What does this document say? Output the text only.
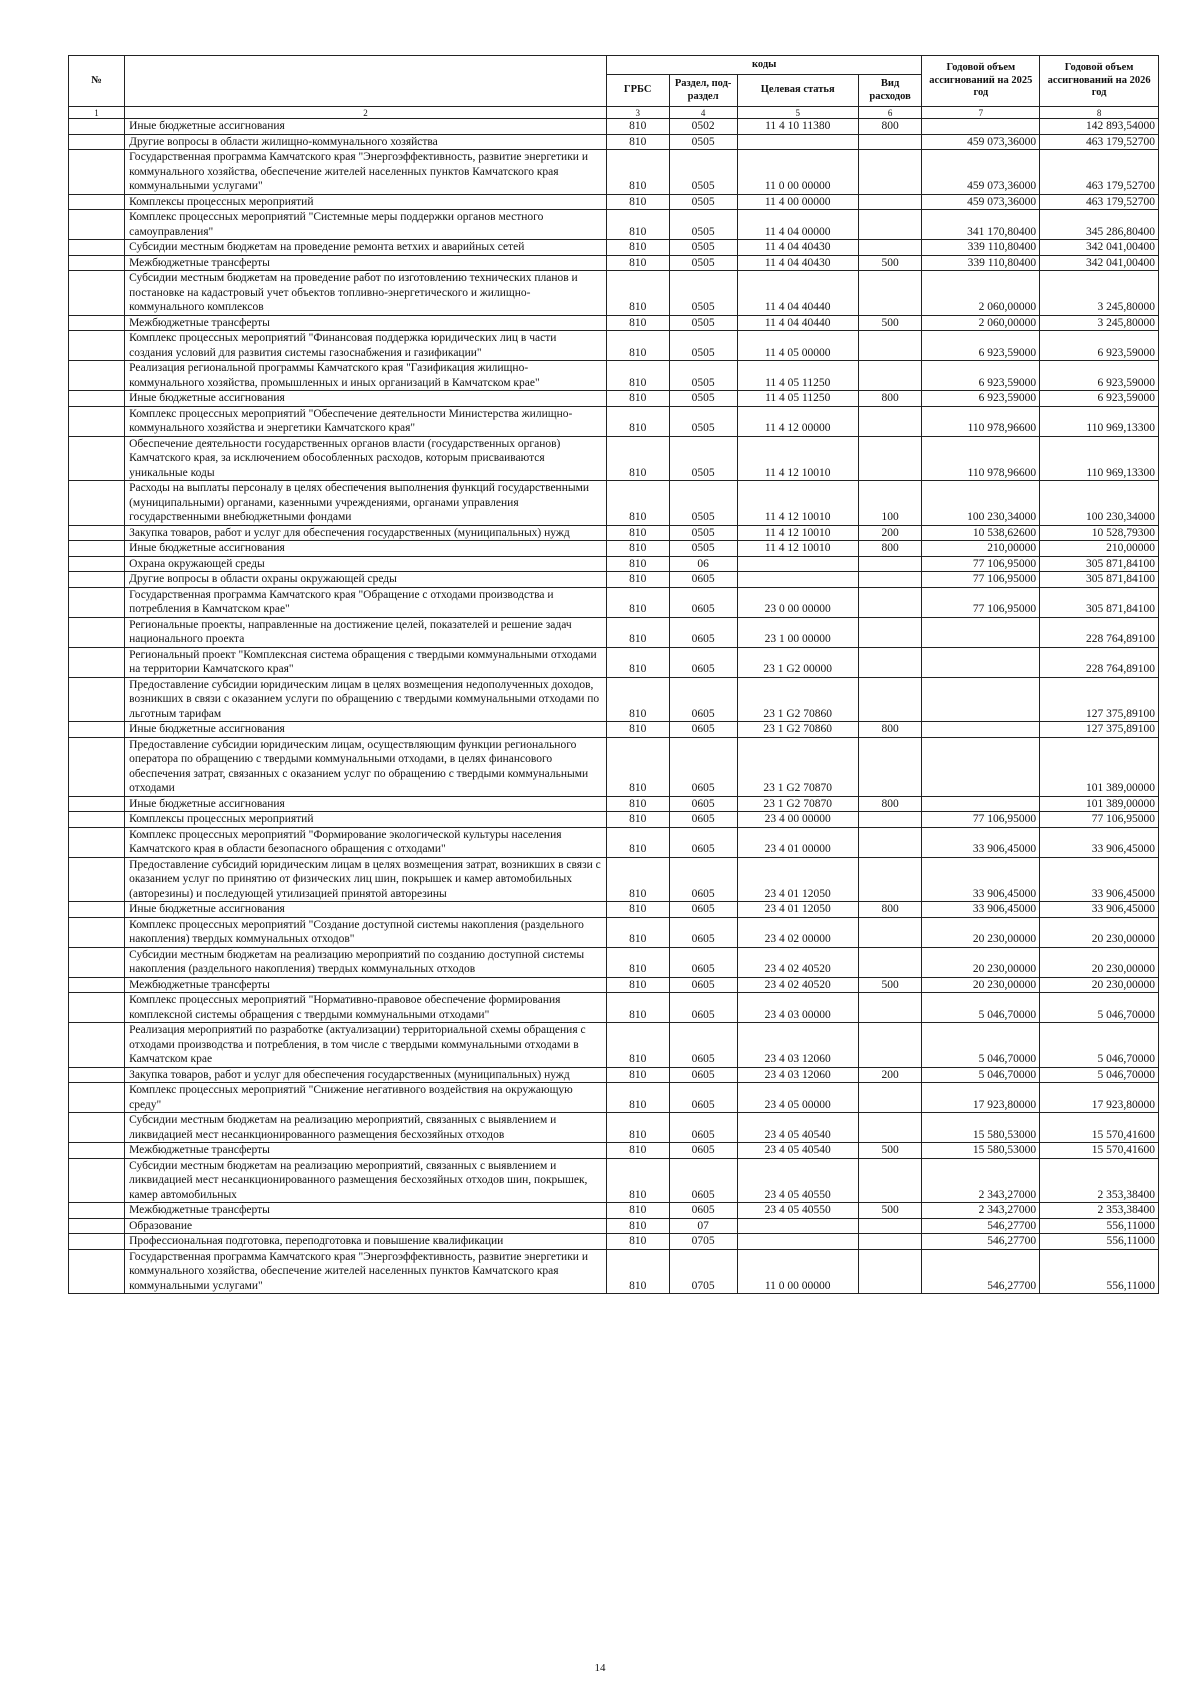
№		коды				Годовой объем ассигнований на 2025 год	Годовой объем ассигнований на 2026 год
		ГРБС	Раздел, под-раздел	Целевая статья	Вид расходов		
1	2	3	4	5	6	7	8
	Иные бюджетные ассигнования	810	0502	11 4 10 11380	800		142 893,54000
	Другие вопросы в области жилищно-коммунального хозяйства	810	0505			459 073,36000	463 179,52700
	Государственная программа Камчатского края "Энергоэффективность, развитие энергетики и коммунального хозяйства, обеспечение жителей населенных пунктов Камчатского края коммунальными услугами"	810	0505	11 0 00 00000		459 073,36000	463 179,52700
	Комплексы процессных мероприятий	810	0505	11 4 00 00000		459 073,36000	463 179,52700
	Комплекс процессных мероприятий "Системные меры поддержки органов местного самоуправления"	810	0505	11 4 04 00000		341 170,80400	345 286,80400
	Субсидии местным бюджетам на проведение ремонта ветхих и аварийных сетей	810	0505	11 4 04 40430		339 110,80400	342 041,00400
	Межбюджетные трансферты	810	0505	11 4 04 40430	500	339 110,80400	342 041,00400
	Субсидии местным бюджетам на проведение работ по изготовлению технических планов и постановке на кадастровый учет объектов топливно-энергетического и жилищно-коммунального комплексов	810	0505	11 4 04 40440		2 060,00000	3 245,80000
	Межбюджетные трансферты	810	0505	11 4 04 40440	500	2 060,00000	3 245,80000
	Комплекс процессных мероприятий "Финансовая поддержка юридических лиц в части создания условий для развития системы газоснабжения и газификации"	810	0505	11 4 05 00000		6 923,59000	6 923,59000
	Реализация региональной программы Камчатского края "Газификация жилищно-коммунального хозяйства, промышленных и иных организаций в Камчатском крае"	810	0505	11 4 05 11250		6 923,59000	6 923,59000
	Иные бюджетные ассигнования	810	0505	11 4 05 11250	800	6 923,59000	6 923,59000
	Комплекс процессных мероприятий "Обеспечение деятельности Министерства жилищно-коммунального хозяйства и энергетики Камчатского края"	810	0505	11 4 12 00000		110 978,96600	110 969,13300
	Обеспечение деятельности государственных органов власти (государственных органов) Камчатского края, за исключением обособленных расходов, которым присваиваются уникальные коды	810	0505	11 4 12 10010		110 978,96600	110 969,13300
	Расходы на выплаты персоналу в целях обеспечения выполнения функций государственными (муниципальными) органами, казенными учреждениями, органами управления государственными внебюджетными фондами	810	0505	11 4 12 10010	100	100 230,34000	100 230,34000
	Закупка товаров, работ и услуг для обеспечения государственных (муниципальных) нужд	810	0505	11 4 12 10010	200	10 538,62600	10 528,79300
	Иные бюджетные ассигнования	810	0505	11 4 12 10010	800	210,00000	210,00000
	Охрана окружающей среды	810	06			77 106,95000	305 871,84100
	Другие вопросы в области охраны окружающей среды	810	0605			77 106,95000	305 871,84100
	Государственная программа Камчатского края "Обращение с отходами производства и потребления в Камчатском крае"	810	0605	23 0 00 00000		77 106,95000	305 871,84100
	Региональные проекты, направленные на достижение целей, показателей и решение задач национального проекта	810	0605	23 1 00 00000			228 764,89100
	Региональный проект "Комплексная система обращения с твердыми коммунальными отходами на территории Камчатского края"	810	0605	23 1 G2 00000			228 764,89100
	Предоставление субсидии юридическим лицам в целях возмещения недополученных доходов, возникших в связи с оказанием услуги по обращению с твердыми коммунальными отходами по льготным тарифам	810	0605	23 1 G2 70860			127 375,89100
	Иные бюджетные ассигнования	810	0605	23 1 G2 70860	800		127 375,89100
	Предоставление субсидии юридическим лицам, осуществляющим функции регионального оператора по обращению с твердыми коммунальными отходами, в целях финансового обеспечения затрат, связанных с оказанием услуг по обращению с твердыми коммунальными отходами	810	0605	23 1 G2 70870			101 389,00000
	Иные бюджетные ассигнования	810	0605	23 1 G2 70870	800		101 389,00000
	Комплексы процессных мероприятий	810	0605	23 4 00 00000		77 106,95000	77 106,95000
	Комплекс процессных мероприятий "Формирование экологической культуры населения Камчатского края в области безопасного обращения с отходами"	810	0605	23 4 01 00000		33 906,45000	33 906,45000
	Предоставление субсидий юридическим лицам в целях возмещения затрат, возникших в связи с оказанием услуг по принятию от физических лиц шин, покрышек и камер автомобильных (авторезины) и последующей утилизацией принятой авторезины	810	0605	23 4 01 12050		33 906,45000	33 906,45000
	Иные бюджетные ассигнования	810	0605	23 4 01 12050	800	33 906,45000	33 906,45000
	Комплекс процессных мероприятий "Создание доступной системы накопления (раздельного накопления) твердых коммунальных отходов"	810	0605	23 4 02 00000		20 230,00000	20 230,00000
	Субсидии местным бюджетам на реализацию мероприятий по созданию доступной системы накопления (раздельного накопления) твердых коммунальных отходов	810	0605	23 4 02 40520		20 230,00000	20 230,00000
	Межбюджетные трансферты	810	0605	23 4 02 40520	500	20 230,00000	20 230,00000
	Комплекс процессных мероприятий "Нормативно-правовое обеспечение формирования комплексной системы обращения с твердыми коммунальными отходами"	810	0605	23 4 03 00000		5 046,70000	5 046,70000
	Реализация мероприятий по разработке (актуализации) территориальной схемы обращения с отходами производства и потребления, в том числе с твердыми коммунальными отходами в Камчатском крае	810	0605	23 4 03 12060		5 046,70000	5 046,70000
	Закупка товаров, работ и услуг для обеспечения государственных (муниципальных) нужд	810	0605	23 4 03 12060	200	5 046,70000	5 046,70000
	Комплекс процессных мероприятий "Снижение негативного воздействия на окружающую среду"	810	0605	23 4 05 00000		17 923,80000	17 923,80000
	Субсидии местным бюджетам на реализацию мероприятий, связанных с выявлением и ликвидацией мест несанкционированного размещения бесхозяйных отходов	810	0605	23 4 05 40540		15 580,53000	15 570,41600
	Межбюджетные трансферты	810	0605	23 4 05 40540	500	15 580,53000	15 570,41600
	Субсидии местным бюджетам на реализацию мероприятий, связанных с выявлением и ликвидацией мест несанкционированного размещения бесхозяйных отходов шин, покрышек, камер автомобильных	810	0605	23 4 05 40550		2 343,27000	2 353,38400
	Межбюджетные трансферты	810	0605	23 4 05 40550	500	2 343,27000	2 353,38400
	Образование	810	07			546,27700	556,11000
	Профессиональная подготовка, переподготовка и повышение квалификации	810	0705			546,27700	556,11000
	Государственная программа Камчатского края "Энергоэффективность, развитие энергетики и коммунального хозяйства, обеспечение жителей населенных пунктов Камчатского края коммунальными услугами"	810	0705	11 0 00 00000		546,27700	556,11000
14
